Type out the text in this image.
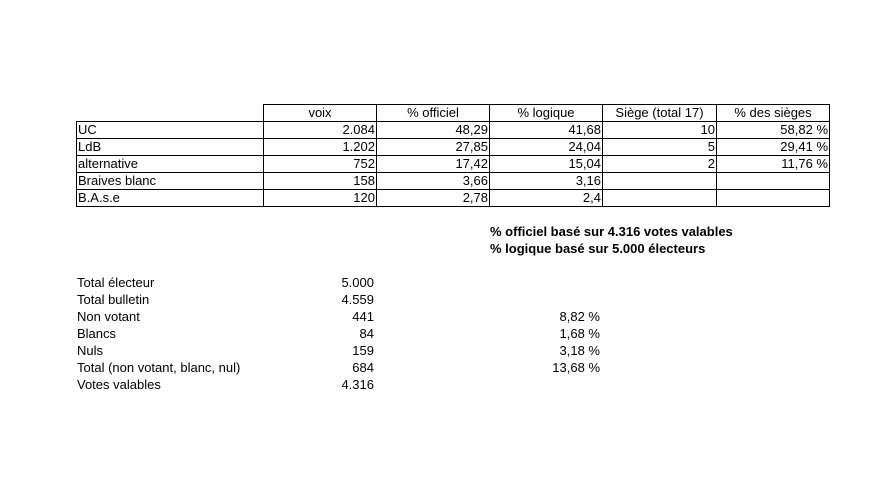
	voix	% officiel	% logique	Siège (total 17)	% des sièges
UC	2.084	48,29	41,68	10	58,82 %
LdB	1.202	27,85	24,04	5	29,41 %
alternative	752	17,42	15,04	2	11,76 %
Braives blanc	158	3,66	3,16		
B.A.s.e	120	2,78	2,4		
% officiel basé sur 4.316 votes valables
% logique basé sur 5.000 électeurs
Total électeur	5.000
Total bulletin	4.559
Non votant	441	8,82 %
Blancs	84	1,68 %
Nuls	159	3,18 %
Total (non votant, blanc, nul)	684	13,68 %
Votes valables	4.316
